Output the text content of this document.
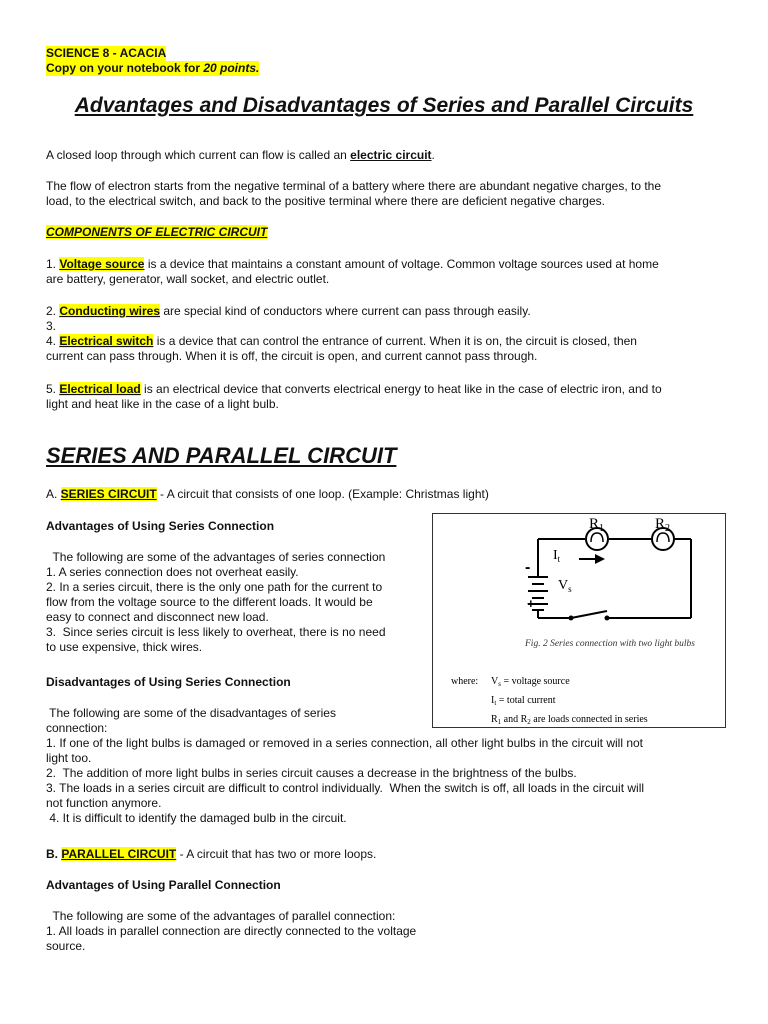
SCIENCE 8 - ACACIA
Copy on your notebook for 20 points.
Advantages and Disadvantages of Series and Parallel Circuits

A closed loop through which current can flow is called an electric circuit.

The flow of electron starts from the negative terminal of a battery where there are abundant negative charges, to the
load, to the electrical switch, and back to the positive terminal where there are deficient negative charges.

COMPONENTS OF ELECTRIC CIRCUIT

1. Voltage source is a device that maintains a constant amount of voltage. Common voltage sources used at home
are battery, generator, wall socket, and electric outlet.

2. Conducting wires are special kind of conductors where current can pass through easily.
3.
4. Electrical switch is a device that can control the entrance of current. When it is on, the circuit is closed, then
current can pass through. When it is off, the circuit is open, and current cannot pass through.

5. Electrical load is an electrical device that converts electrical energy to heat like in the case of electric iron, and to
light and heat like in the case of a light bulb.

SERIES AND PARALLEL CIRCUIT

A. SERIES CIRCUIT - A circuit that consists of one loop. (Example: Christmas light)

Advantages of Using Series Connection

The following are some of the advantages of series connection

1. A series connection does not overheat easily.

2. In a series circuit, there is the only one path for the current to

flow from the voltage source to the different loads. It would be

easy to connect and disconnect new load.

3.  Since series circuit is less likely to overheat, there is no need

to use expensive, thick wires.

Disadvantages of Using Series Connection

The following are some of the disadvantages of series

connection:

1. If one of the light bulbs is damaged or removed in a series connection, all other light bulbs in the circuit will not

light too.

2.  The addition of more light bulbs in series circuit causes a decrease in the brightness of the bulbs.

3. The loads in a series circuit are difficult to control individually.  When the switch is off, all loads in the circuit will

not function anymore.

4. It is difficult to identify the damaged bulb in the circuit.

B. PARALLEL CIRCUIT - A circuit that has two or more loops.

Advantages of Using Parallel Connection

The following are some of the advantages of parallel connection:

1. All loads in parallel connection are directly connected to the voltage

source.

$R_1$	$R_2$
$I_t$
$V_s$
-
+
Fig. 2 Series connection with two light bulbs
where: $V_s$ = voltage source
$I_t$ = total current
$R_1$ and $R_2$ are loads connected in series
